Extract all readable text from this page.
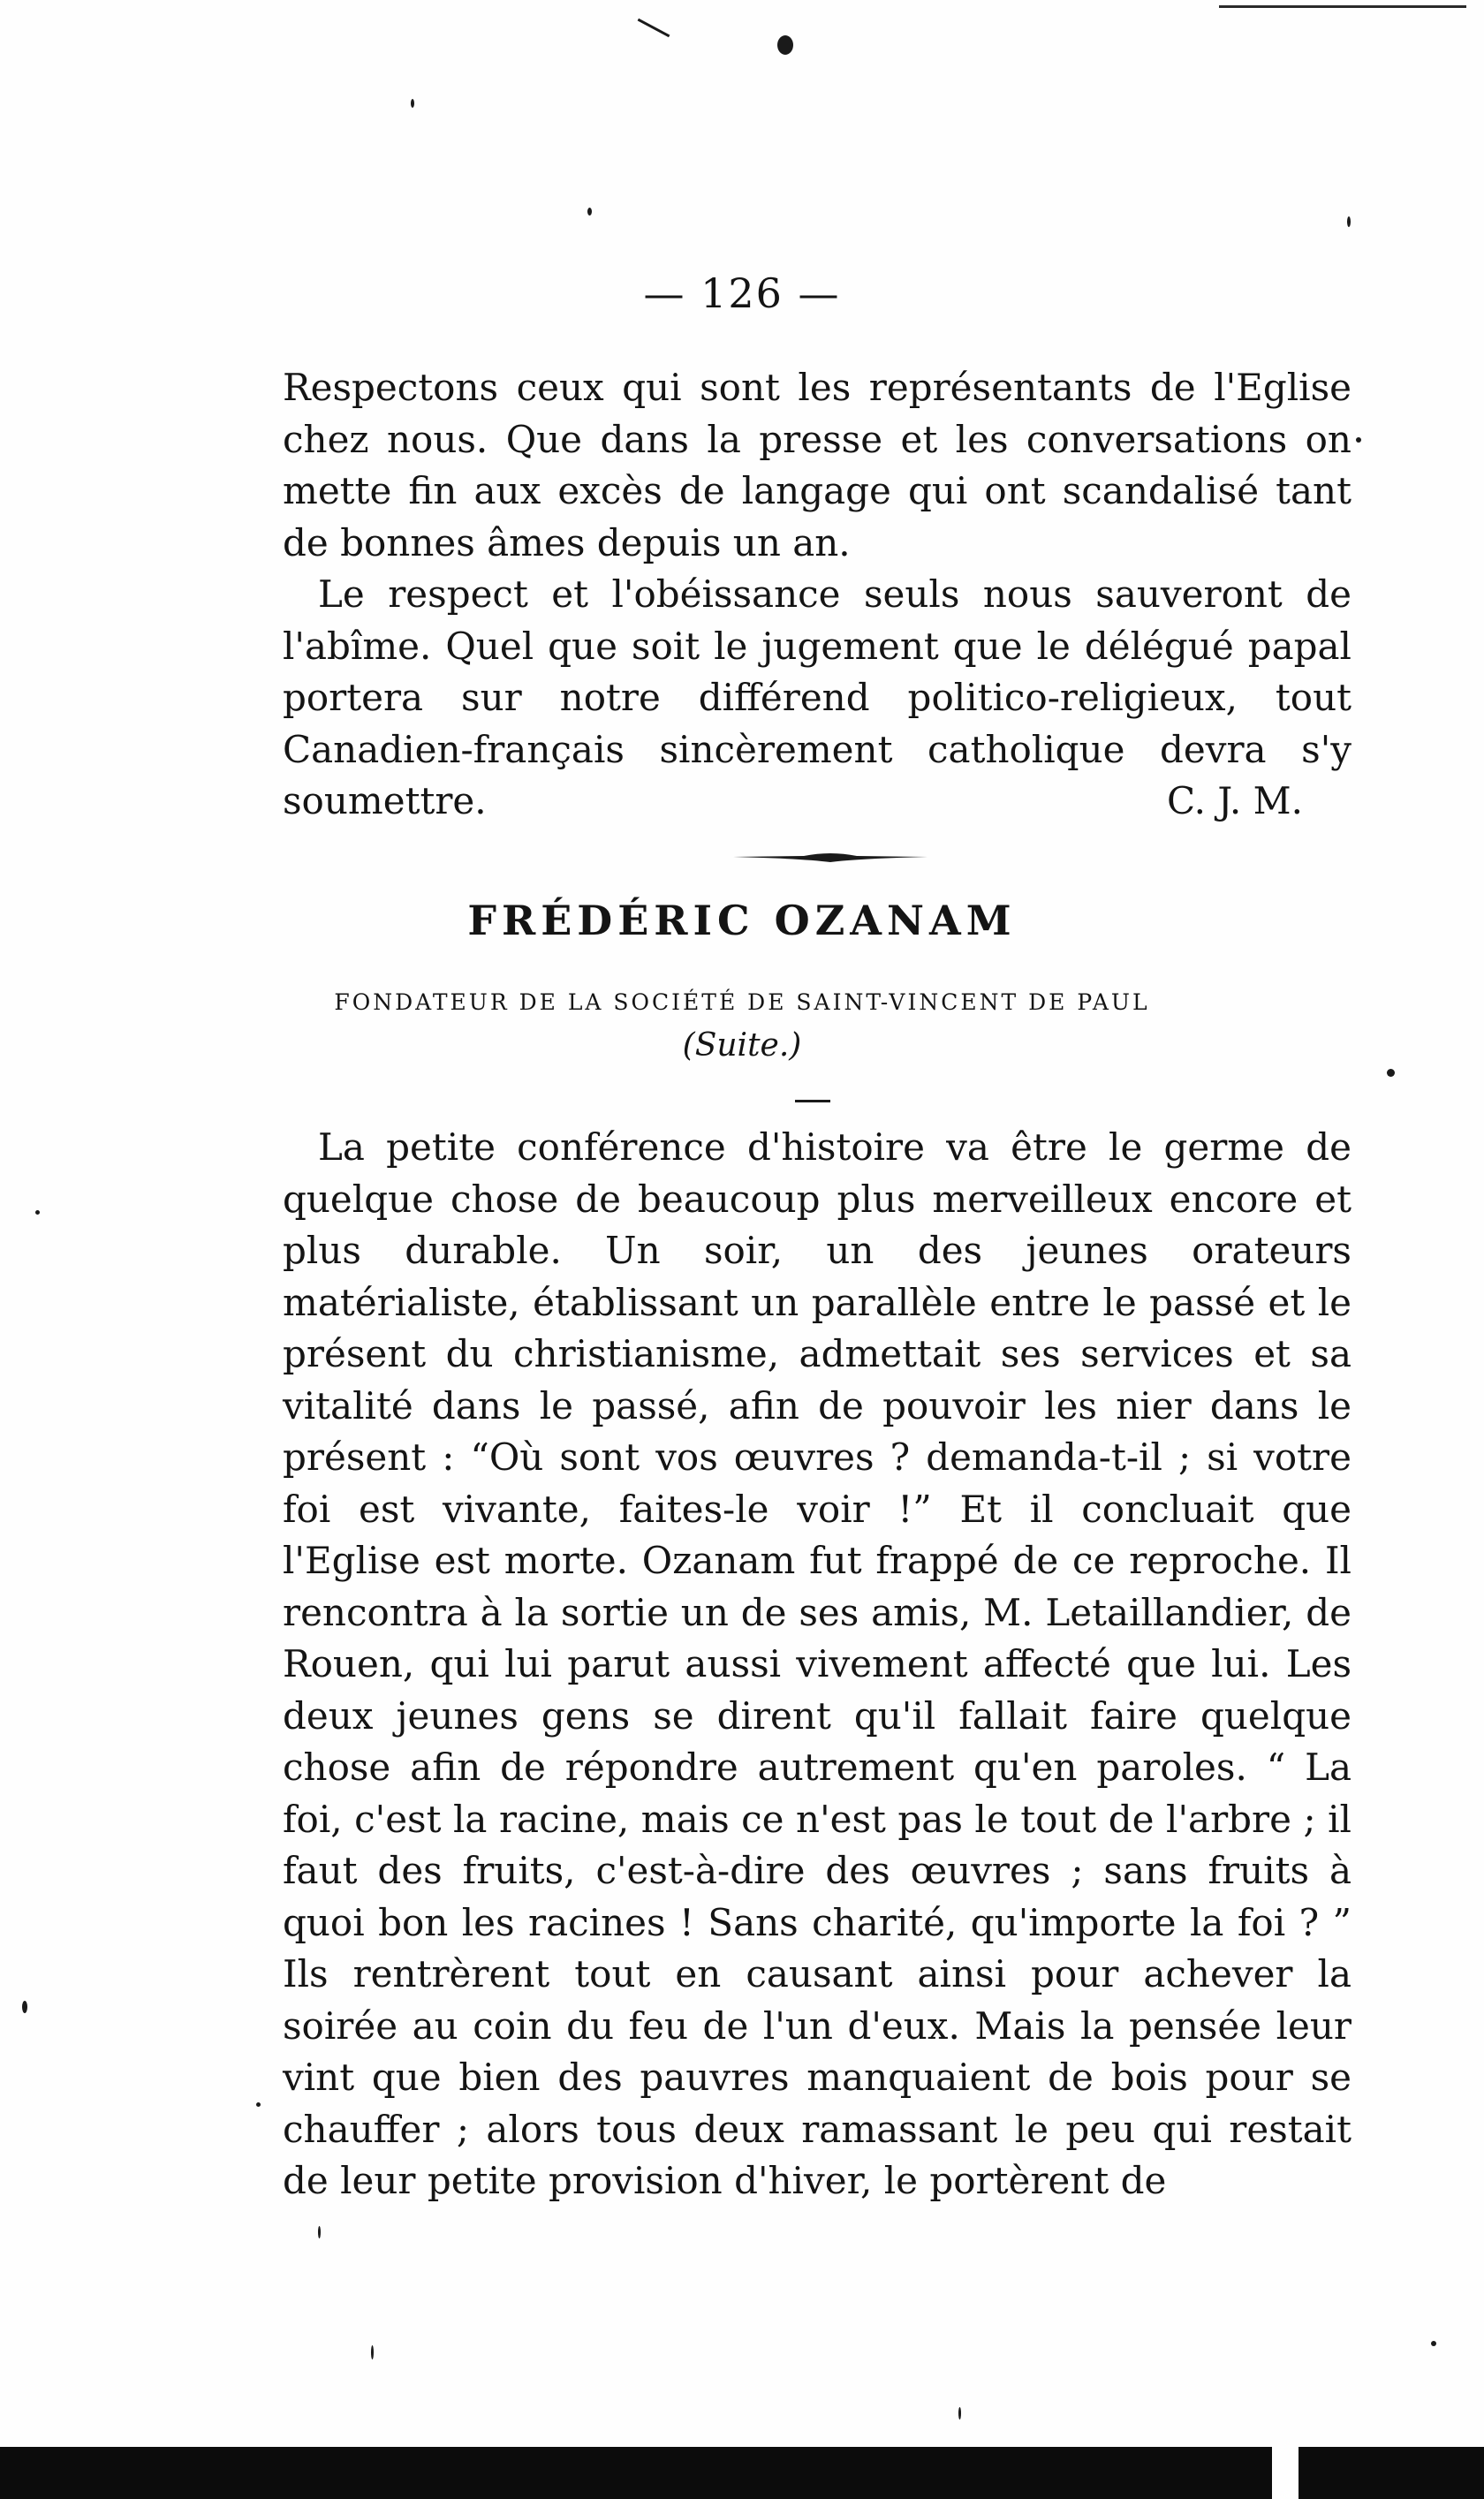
— 126 —

Respectons ceux qui sont les représentants de l'Eglise chez nous. Que dans la presse et les conversations on mette fin aux excès de langage qui ont scandalisé tant de bonnes âmes depuis un an.

Le respect et l'obéissance seuls nous sauveront de l'abîme. Quel que soit le jugement que le délégué papal portera sur notre différend politico-religieux, tout Canadien-français sincèrement catholique devra s'y soumettre.	C. J. M.
FRÉDÉRIC OZANAM
FONDATEUR DE LA SOCIÉTÉ DE SAINT-VINCENT DE PAUL
(Suite.)

La petite conférence d'histoire va être le germe de quelque chose de beaucoup plus merveilleux encore et plus durable. Un soir, un des jeunes orateurs matérialiste, établissant un parallèle entre le passé et le présent du christianisme, admettait ses services et sa vitalité dans le passé, afin de pouvoir les nier dans le présent : “Où sont vos œuvres ? demanda-t-il ; si votre foi est vivante, faites-le voir !” Et il concluait que l'Eglise est morte. Ozanam fut frappé de ce reproche. Il rencontra à la sortie un de ses amis, M. Letaillandier, de Rouen, qui lui parut aussi vivement affecté que lui. Les deux jeunes gens se dirent qu'il fallait faire quelque chose afin de répondre autrement qu'en paroles. “ La foi, c'est la racine, mais ce n'est pas le tout de l'arbre ; il faut des fruits, c'est-à-dire des œuvres ; sans fruits à quoi bon les racines ! Sans charité, qu'importe la foi ? ” Ils rentrèrent tout en causant ainsi pour achever la soirée au coin du feu de l'un d'eux. Mais la pensée leur vint que bien des pauvres manquaient de bois pour se chauffer ; alors tous deux ramassant le peu qui restait de leur petite provision d'hiver, le portèrent de
